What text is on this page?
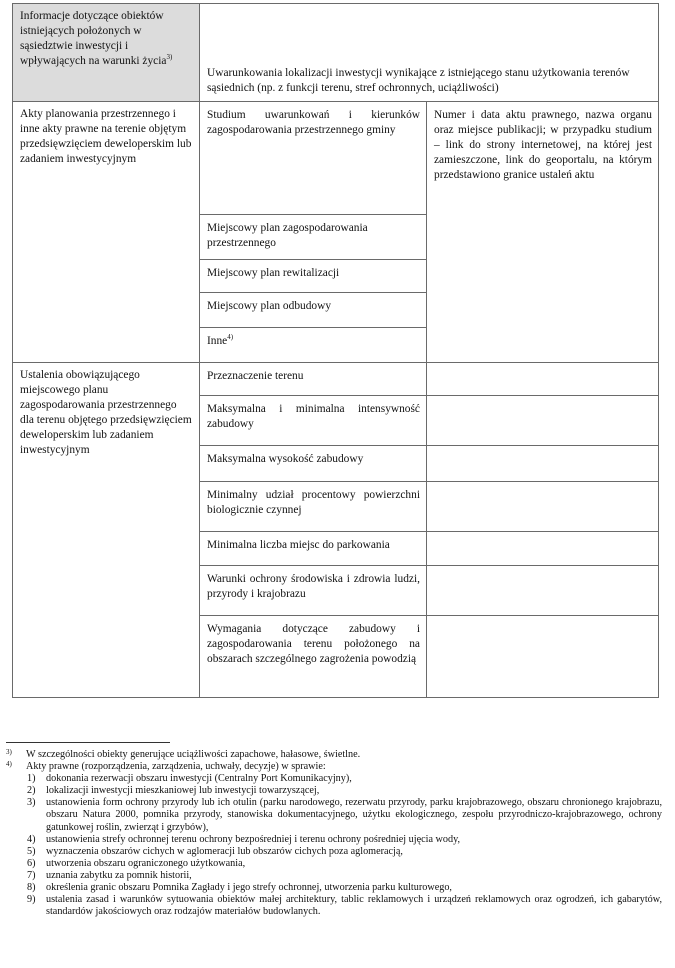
Informacje dotyczące obiektów istniejących położonych w sąsiedztwie inwestycji i wpływających na warunki życia$^{3)}$

	Uwarunkowania lokalizacji inwestycji wynikające z istniejącego stanu użytkowania terenów sąsiednich (np. z funkcji terenu, stref ochronnych, uciążliwości)	

Akty planowania przestrzennego i inne akty prawne na terenie objętym przedsięwzięciem deweloperskim lub zadaniem inwestycyjnym	Studium uwarunkowań i kierunków zagospodarowania przestrzennego gminy	Numer i data aktu prawnego, nazwa organu oraz miejsce publikacji; w przypadku studium – link do strony internetowej, na której jest zamieszczone, link do geoportalu, na którym przedstawiono granice ustaleń aktu

	Miejscowy plan zagospodarowania przestrzennego	

	Miejscowy plan rewitalizacji	

	Miejscowy plan odbudowy	

	Inne$^{4)}$

Ustalenia obowiązującego miejscowego planu zagospodarowania przestrzennego dla terenu objętego przedsięwzięciem deweloperskim lub zadaniem inwestycyjnym	Przeznaczenie terenu	

	Maksymalna i minimalna intensywność zabudowy	

	Maksymalna wysokość zabudowy	

	Minimalny udział procentowy powierzchni biologicznie czynnej	

	Minimalna liczba miejsc do parkowania	

	Warunki ochrony środowiska i zdrowia ludzi, przyrody i krajobrazu	

	Wymagania dotyczące zabudowy i zagospodarowania terenu położonego na obszarach szczególnego zagrożenia powodzią	

3) W szczególności obiekty generujące uciążliwości zapachowe, hałasowe, świetlne.
4) Akty prawne (rozporządzenia, zarządzenia, uchwały, decyzje) w sprawie:
1) dokonania rezerwacji obszaru inwestycji (Centralny Port Komunikacyjny),
2) lokalizacji inwestycji mieszkaniowej lub inwestycji towarzyszącej,
3) ustanowienia form ochrony przyrody lub ich otulin (parku narodowego, rezerwatu przyrody, parku krajobrazowego, obszaru chronionego krajobrazu, obszaru Natura 2000, pomnika przyrody, stanowiska dokumentacyjnego, użytku ekologicznego, zespołu przyrodniczo-krajobrazowego, ochrony gatunkowej roślin, zwierząt i grzybów),
4) ustanowienia strefy ochronnej terenu ochrony bezpośredniej i terenu ochrony pośredniej ujęcia wody,
5) wyznaczenia obszarów cichych w aglomeracji lub obszarów cichych poza aglomeracją,
6) utworzenia obszaru ograniczonego użytkowania,
7) uznania zabytku za pomnik historii,
8) określenia granic obszaru Pomnika Zagłady i jego strefy ochronnej, utworzenia parku kulturowego,
9) ustalenia zasad i warunków sytuowania obiektów małej architektury, tablic reklamowych i urządzeń reklamowych oraz ogrodzeń, ich gabarytów, standardów jakościowych oraz rodzajów materiałów budowlanych.
